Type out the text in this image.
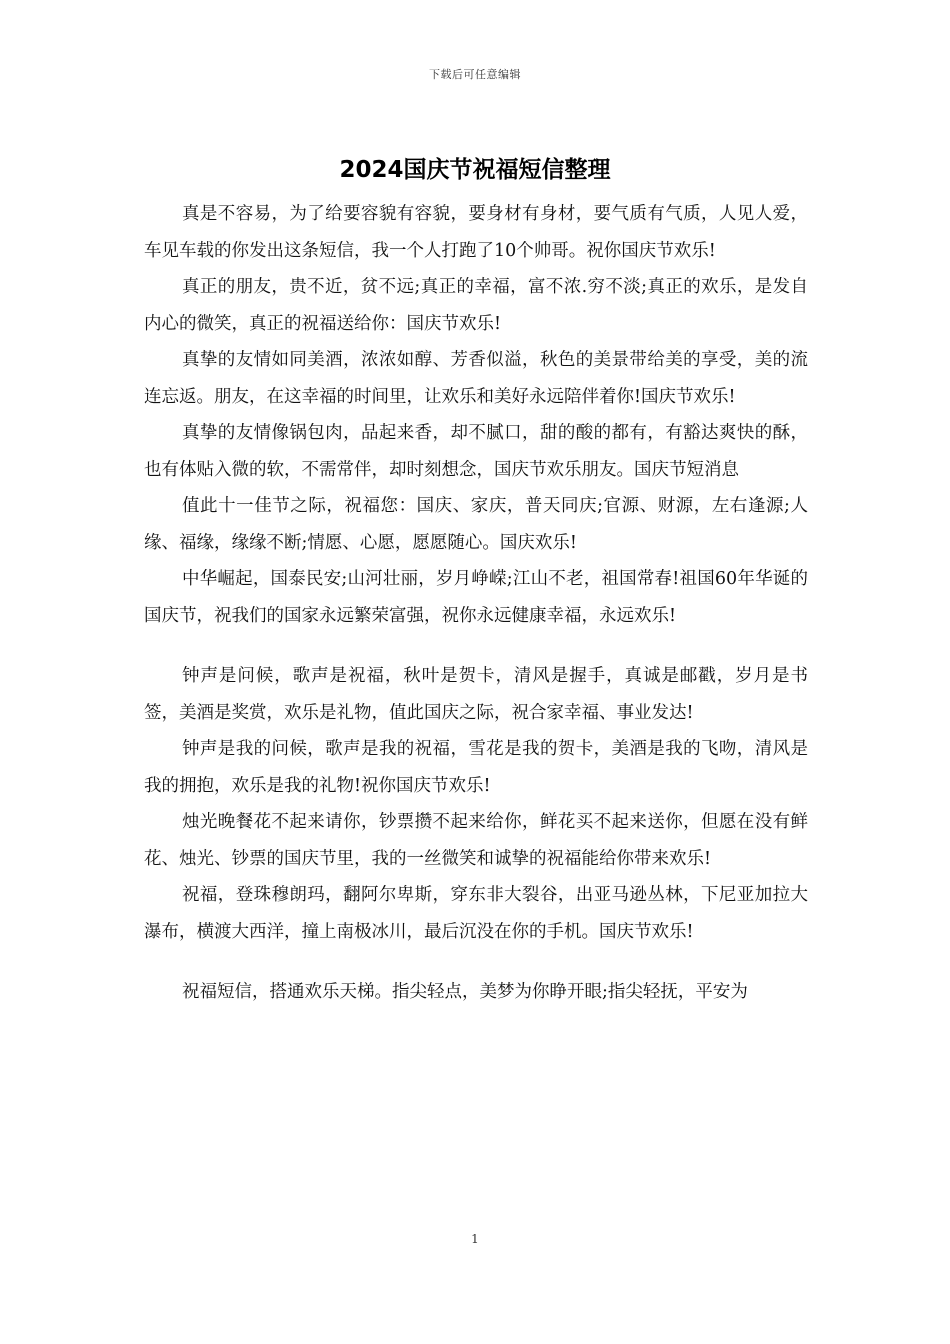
下载后可任意编辑
2024国庆节祝福短信整理

真是不容易，为了给要容貌有容貌，要身材有身材，要气质有气质，人见人爱，车见车载的你发出这条短信，我一个人打跑了10个帅哥。祝你国庆节欢乐!

真正的朋友，贵不近，贫不远;真正的幸福，富不浓.穷不淡;真正的欢乐，是发自内心的微笑，真正的祝福送给你：国庆节欢乐!

真挚的友情如同美酒，浓浓如醇、芳香似溢，秋色的美景带给美的享受，美的流连忘返。朋友，在这幸福的时间里，让欢乐和美好永远陪伴着你!国庆节欢乐!

真挚的友情像锅包肉，品起来香，却不腻口，甜的酸的都有，有豁达爽快的酥，也有体贴入微的软，不需常伴，却时刻想念，国庆节欢乐朋友。国庆节短消息

值此十一佳节之际，祝福您：国庆、家庆，普天同庆;官源、财源，左右逢源;人缘、福缘，缘缘不断;情愿、心愿，愿愿随心。国庆欢乐!

中华崛起，国泰民安;山河壮丽，岁月峥嵘;江山不老，祖国常春!祖国60年华诞的国庆节，祝我们的国家永远繁荣富强，祝你永远健康幸福，永远欢乐!

钟声是问候，歌声是祝福，秋叶是贺卡，清风是握手，真诚是邮戳，岁月是书签，美酒是奖赏，欢乐是礼物，值此国庆之际，祝合家幸福、事业发达!

钟声是我的问候，歌声是我的祝福，雪花是我的贺卡，美酒是我的飞吻，清风是我的拥抱，欢乐是我的礼物!祝你国庆节欢乐!

烛光晚餐花不起来请你，钞票攒不起来给你，鲜花买不起来送你，但愿在没有鲜花、烛光、钞票的国庆节里，我的一丝微笑和诚挚的祝福能给你带来欢乐!

祝福，登珠穆朗玛，翻阿尔卑斯，穿东非大裂谷，出亚马逊丛林，下尼亚加拉大瀑布，横渡大西洋，撞上南极冰川，最后沉没在你的手机。国庆节欢乐!

祝福短信，搭通欢乐天梯。指尖轻点，美梦为你睁开眼;指尖轻抚，平安为

1
